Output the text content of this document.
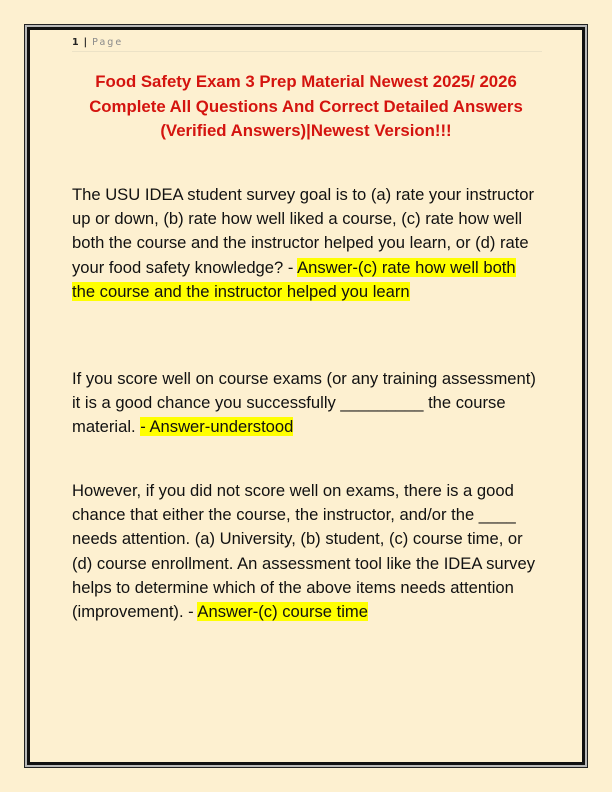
1 | Page
Food Safety Exam 3 Prep Material Newest 2025/ 2026 Complete All Questions And Correct Detailed Answers (Verified Answers)|Newest Version!!!
The USU IDEA student survey goal is to (a) rate your instructor up or down, (b) rate how well liked a course, (c) rate how well both the course and the instructor helped you learn, or (d) rate your food safety knowledge? - Answer-(c) rate how well both the course and the instructor helped you learn
If you score well on course exams (or any training assessment) it is a good chance you successfully _________ the course material. - Answer-understood
However, if you did not score well on exams, there is a good chance that either the course, the instructor, and/or the ____ needs attention. (a) University, (b) student, (c) course time, or (d) course enrollment. An assessment tool like the IDEA survey helps to determine which of the above items needs attention (improvement). - Answer-(c) course time
